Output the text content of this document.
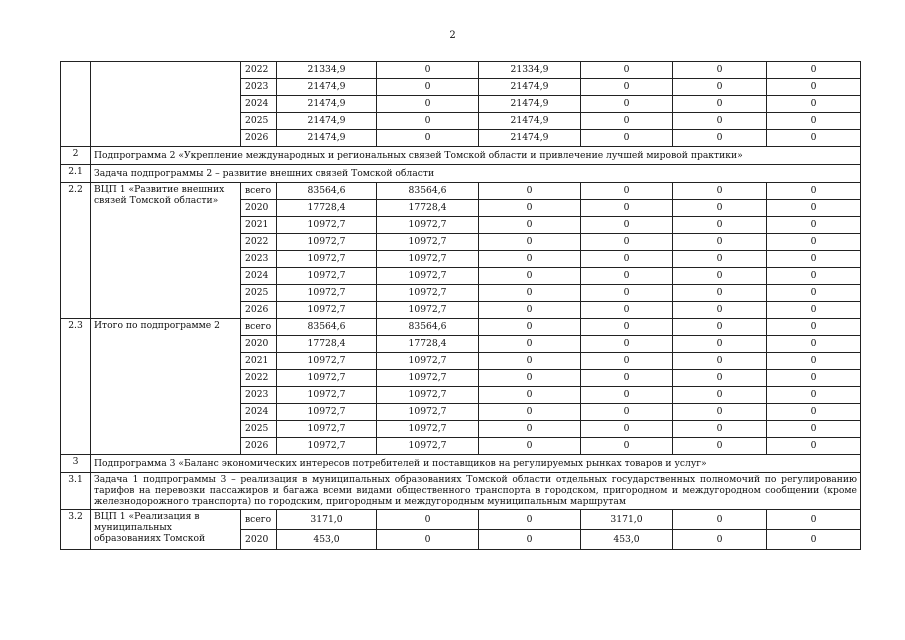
2
		2022	21334,9	0	21334,9	0	0	0
		2023	21474,9	0	21474,9	0	0	0
		2024	21474,9	0	21474,9	0	0	0
		2025	21474,9	0	21474,9	0	0	0
		2026	21474,9	0	21474,9	0	0	0
2	Подпрограмма 2 «Укрепление международных и региональных связей Томской области и привлечение лучшей мировой практики»							
2.1	Задача подпрограммы 2 – развитие внешних связей Томской области							
2.2	ВЦП 1 «Развитие внешних связей Томской области»	всего	83564,6	83564,6	0	0	0	0
		2020	17728,4	17728,4	0	0	0	0
		2021	10972,7	10972,7	0	0	0	0
		2022	10972,7	10972,7	0	0	0	0
		2023	10972,7	10972,7	0	0	0	0
		2024	10972,7	10972,7	0	0	0	0
		2025	10972,7	10972,7	0	0	0	0
		2026	10972,7	10972,7	0	0	0	0
2.3	Итого по подпрограмме 2	всего	83564,6	83564,6	0	0	0	0
		2020	17728,4	17728,4	0	0	0	0
		2021	10972,7	10972,7	0	0	0	0
		2022	10972,7	10972,7	0	0	0	0
		2023	10972,7	10972,7	0	0	0	0
		2024	10972,7	10972,7	0	0	0	0
		2025	10972,7	10972,7	0	0	0	0
		2026	10972,7	10972,7	0	0	0	0
3	Подпрограмма 3 «Баланс экономических интересов потребителей и поставщиков на регулируемых рынках товаров и услуг»							
3.1	Задача 1 подпрограммы 3 – реализация в муниципальных образованиях Томской области отдельных государственных полномочий по регулированию тарифов на перевозки пассажиров и багажа всеми видами общественного транспорта в городском, пригородном и междугородном сообщении (кроме железнодорожного транспорта) по городским, пригородным и междугородным муниципальным маршрутам							
3.2	ВЦП 1 «Реализация в муниципальных образованиях Томской	всего	3171,0	0	0	3171,0	0	0
		2020	453,0	0	0	453,0	0	0
